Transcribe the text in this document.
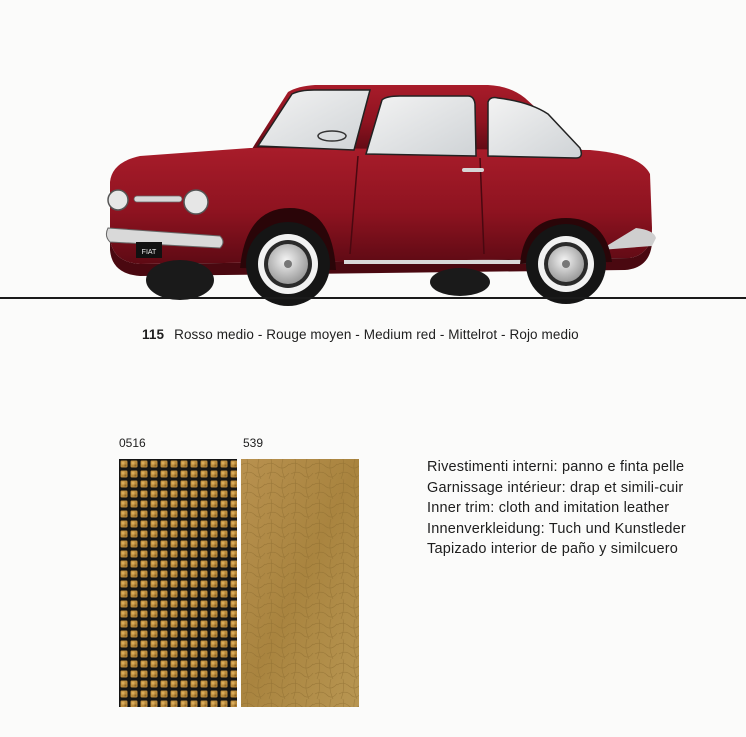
FIAT
115 Rosso medio - Rouge moyen - Medium red - Mittelrot - Rojo medio
0516	539
Rivestimenti interni: panno e finta pelle
Garnissage intérieur: drap et simili-cuir
Inner trim: cloth and imitation leather
Innenverkleidung: Tuch und Kunstleder
Tapizado interior de paño y similcuero
